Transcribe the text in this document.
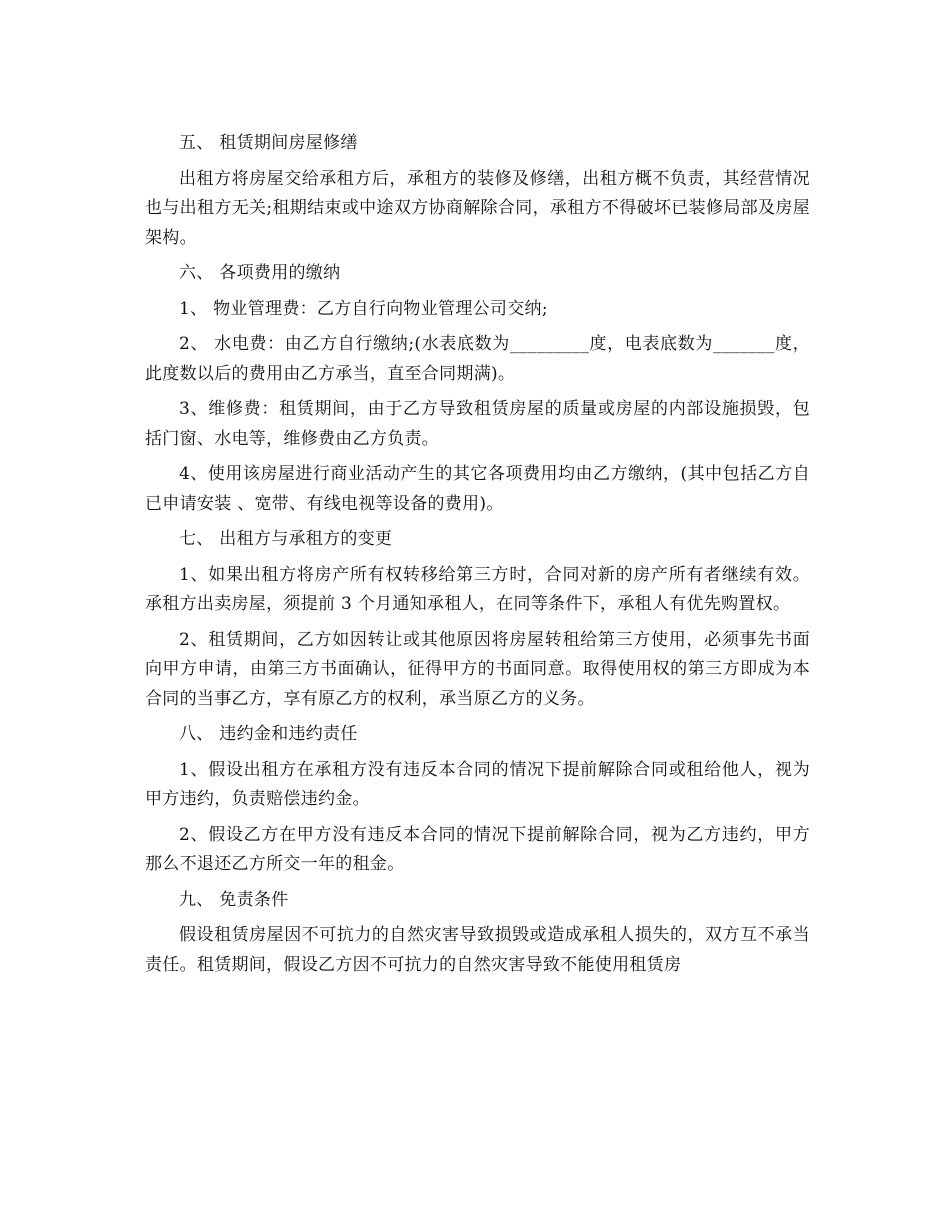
五、 租赁期间房屋修缮

出租方将房屋交给承租方后，承租方的装修及修缮，出租方概不负责，其经营情况也与出租方无关;租期结束或中途双方协商解除合同，承租方不得破坏已装修局部及房屋架构。

六、 各项费用的缴纳

1、 物业管理费：乙方自行向物业管理公司交纳;

2、 水电费：由乙方自行缴纳;(水表底数为_________度，电表底数为_______度，此度数以后的费用由乙方承当，直至合同期满)。

3、维修费：租赁期间，由于乙方导致租赁房屋的质量或房屋的内部设施损毁，包括门窗、水电等，维修费由乙方负责。

4、使用该房屋进行商业活动产生的其它各项费用均由乙方缴纳，(其中包括乙方自已申请安装 、宽带、有线电视等设备的费用)。

七、 出租方与承租方的变更

1、如果出租方将房产所有权转移给第三方时，合同对新的房产所有者继续有效。承租方出卖房屋，须提前 3 个月通知承租人，在同等条件下，承租人有优先购置权。

2、租赁期间，乙方如因转让或其他原因将房屋转租给第三方使用，必须事先书面向甲方申请，由第三方书面确认，征得甲方的书面同意。取得使用权的第三方即成为本合同的当事乙方，享有原乙方的权利，承当原乙方的义务。

八、 违约金和违约责任

1、假设出租方在承租方没有违反本合同的情况下提前解除合同或租给他人，视为甲方违约，负责赔偿违约金。

2、假设乙方在甲方没有违反本合同的情况下提前解除合同，视为乙方违约，甲方那么不退还乙方所交一年的租金。

九、 免责条件

假设租赁房屋因不可抗力的自然灾害导致损毁或造成承租人损失的，双方互不承当责任。租赁期间，假设乙方因不可抗力的自然灾害导致不能使用租赁房
